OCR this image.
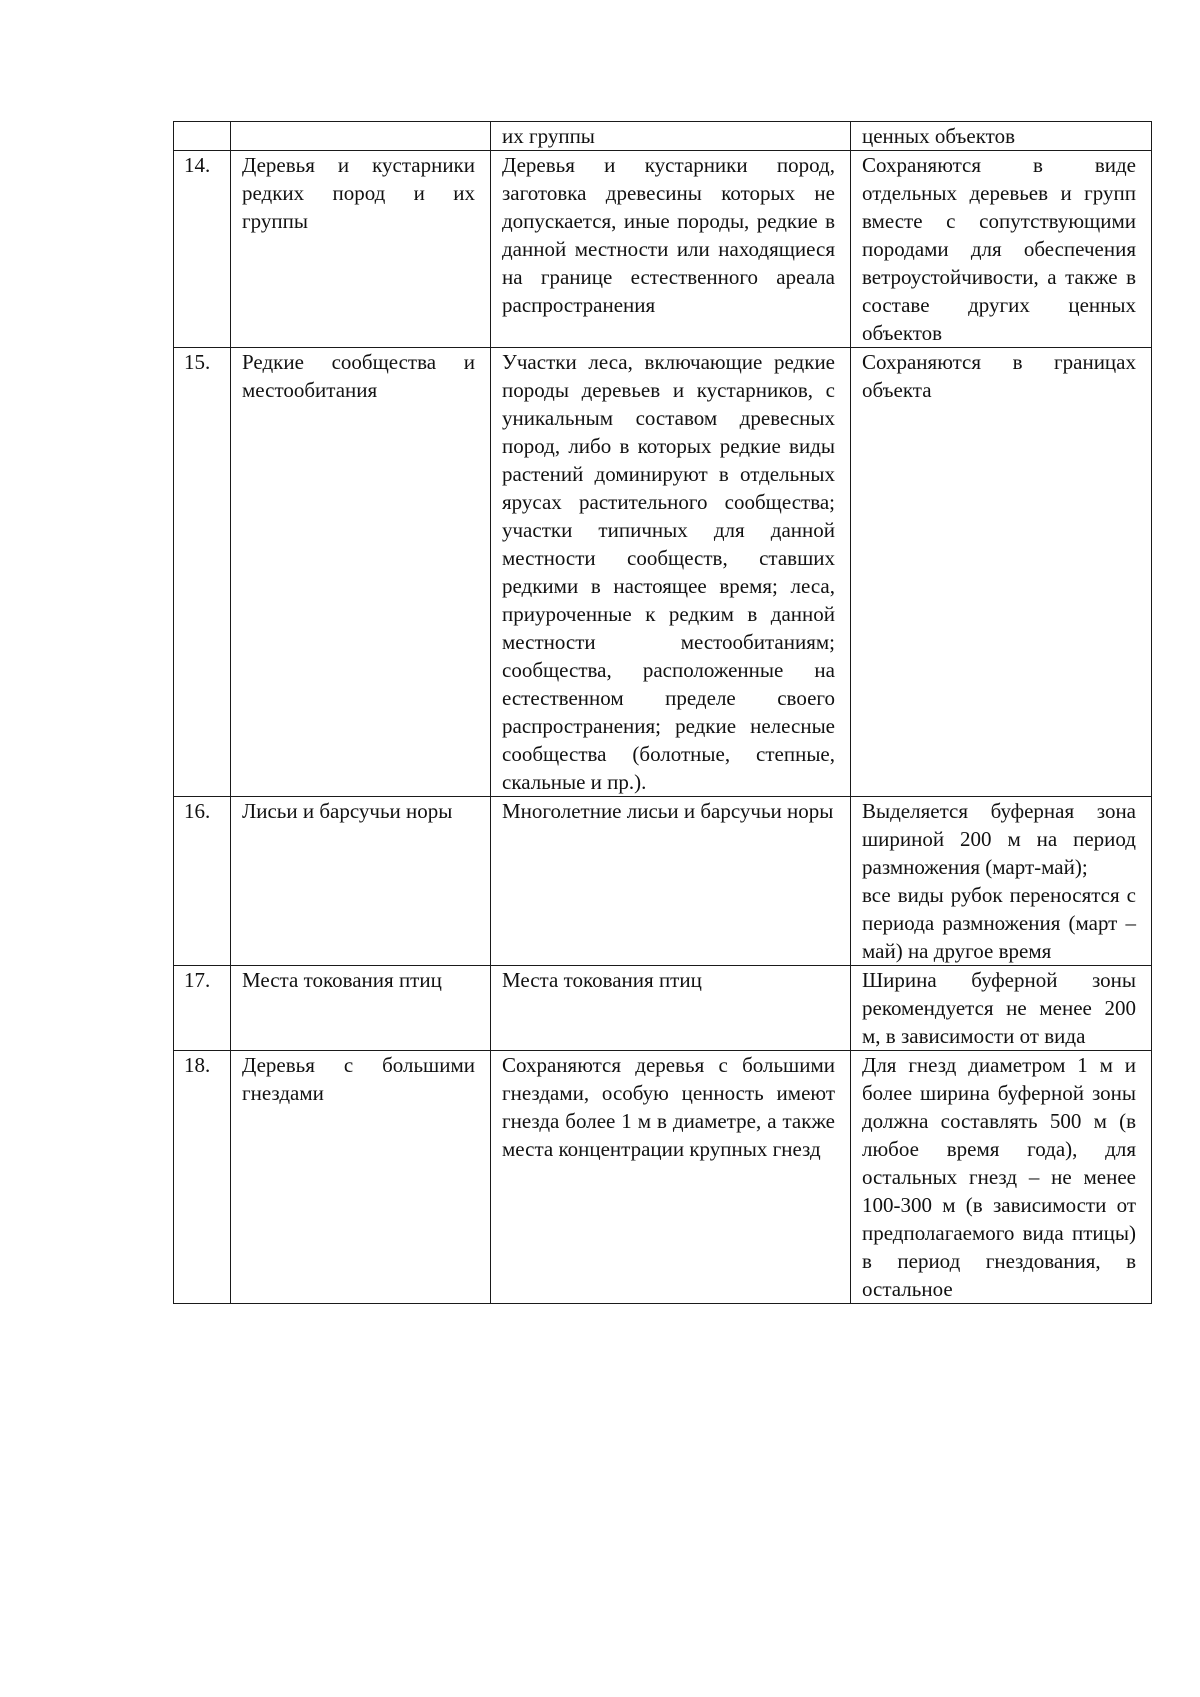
		их группы	ценных объектов
14.	Деревья и кустарники редких пород и их группы	Деревья и кустарники пород, заготовка древесины которых не допускается, иные породы, редкие в данной местности или находящиеся на границе естественного ареала распространения	Сохраняются в виде отдельных деревьев и групп вместе с сопутствующими породами для обеспечения ветроустойчивости, а также в составе других ценных объектов
15.	Редкие сообщества и местообитания	Участки леса, включающие редкие породы деревьев и кустарников, с уникальным составом древесных пород, либо в которых редкие виды растений доминируют в отдельных ярусах растительного сообщества; участки типичных для данной местности сообществ, ставших редкими в настоящее время; леса, приуроченные к редким в данной местности местообитаниям; сообщества, расположенные на естественном пределе своего распространения; редкие нелесные сообщества (болотные, степные, скальные и пр.).	Сохраняются в границах объекта
16.	Лисьи и барсучьи норы	Многолетние лисьи и барсучьи норы	Выделяется буферная зона шириной 200 м на период размножения (март-май);
все виды рубок переносятся с периода размножения (март – май) на другое время

17.	Места токования птиц	Места токования птиц	Ширина буферной зоны рекомендуется не менее 200 м, в зависимости от вида
18.	Деревья с большими гнездами	Сохраняются деревья с большими гнездами, особую ценность имеют гнезда более 1 м в диаметре, а также места концентрации крупных гнезд	Для гнезд диаметром 1 м и более ширина буферной зоны должна составлять 500 м (в любое время года), для остальных гнезд – не менее 100-300 м (в зависимости от предполагаемого вида птицы) в период гнездования, в остальное
